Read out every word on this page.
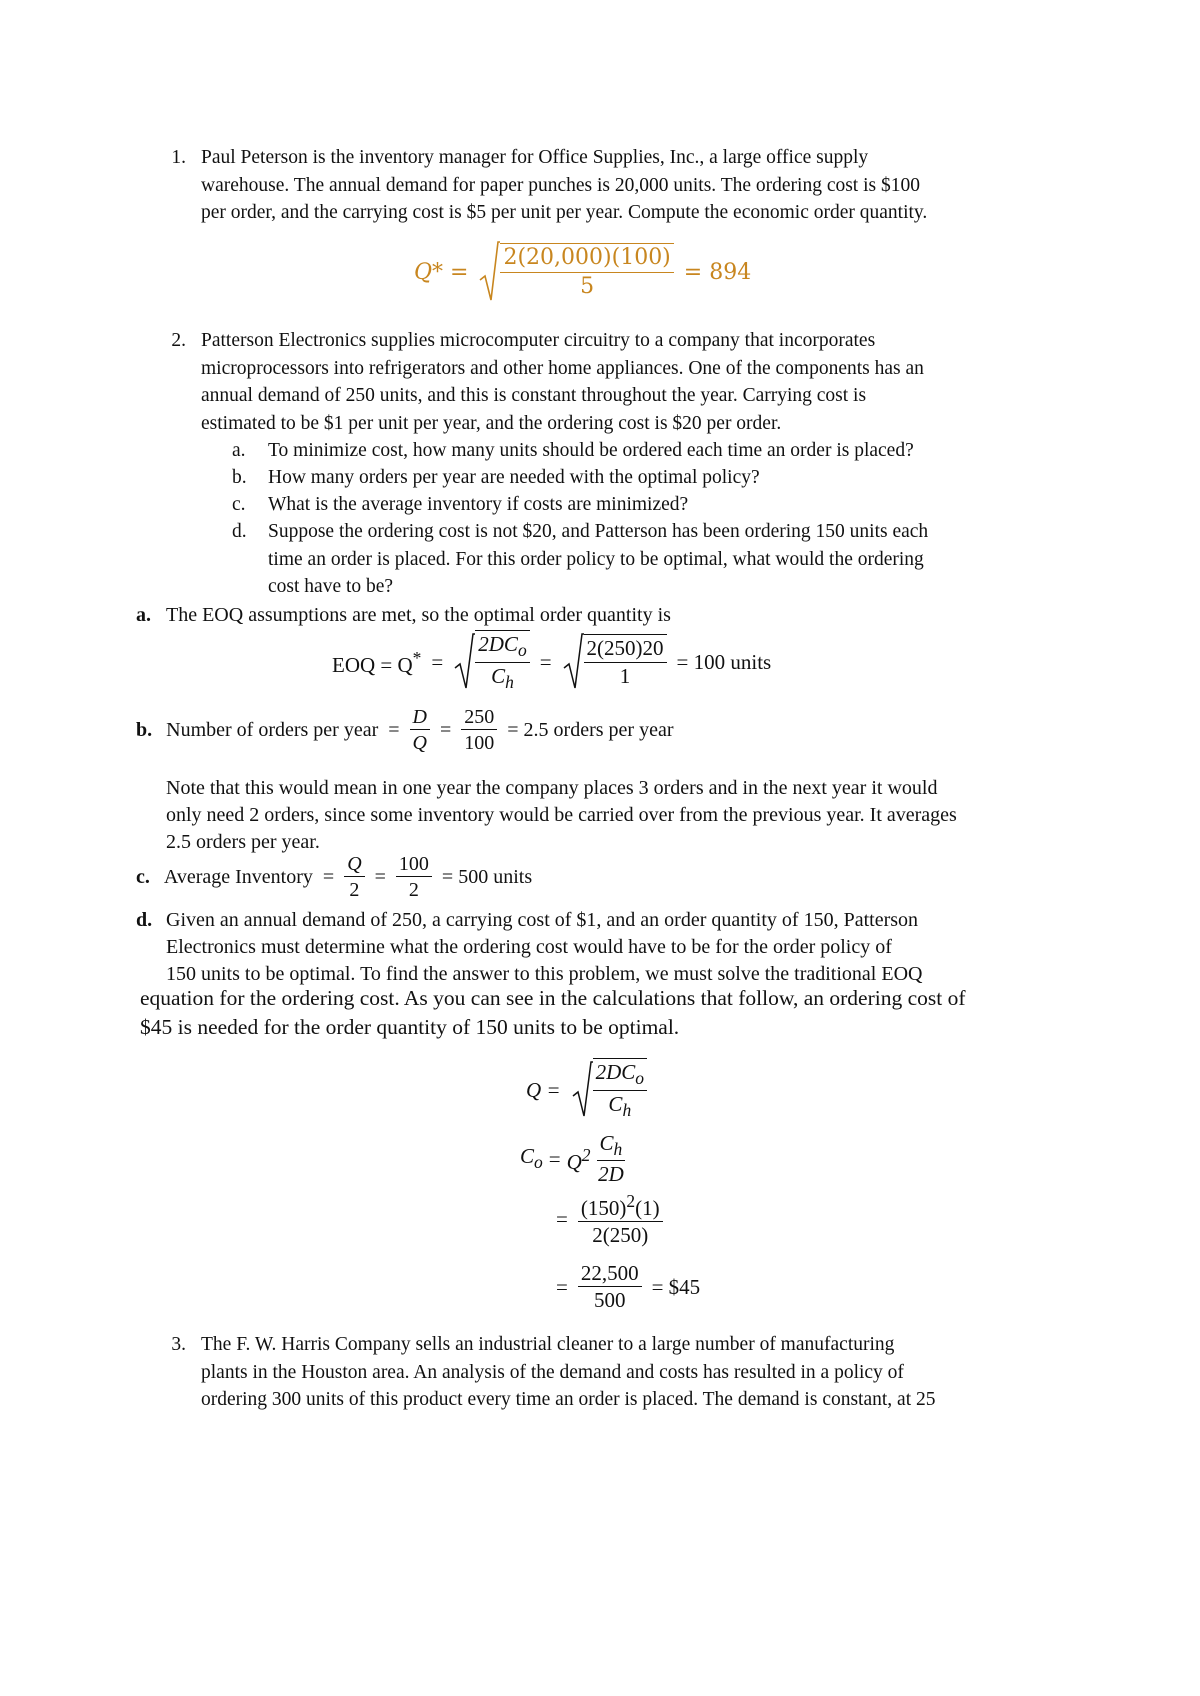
1. Paul Peterson is the inventory manager for Office Supplies, Inc., a large office supply
warehouse. The annual demand for paper punches is 20,000 units. The ordering cost is $100
per order, and the carrying cost is $5 per unit per year. Compute the economic order quantity.
$Q* = \frac{2(20,000)(100)}{5} = 894$
2. Patterson Electronics supplies microcomputer circuitry to a company that incorporates
microprocessors into refrigerators and other home appliances. One of the components has an
annual demand of 250 units, and this is constant throughout the year. Carrying cost is
estimated to be $1 per unit per year, and the ordering cost is $20 per order.
a. To minimize cost, how many units should be ordered each time an order is placed?
b. How many orders per year are needed with the optimal policy?
c. What is the average inventory if costs are minimized?
d. Suppose the ordering cost is not $20, and Patterson has been ordering 150 units each
time an order is placed. For this order policy to be optimal, what would the ordering
cost have to be?
a. The EOQ assumptions are met, so the optimal order quantity is
EOQ = Q* =
$2DC_o$
$C_h$
= $\frac{2(250)20}{1} = 100$ units
b. Number of orders per year = $\frac{D}{Q} = \frac{250}{100} = 2.5$ orders per year
Note that this would mean in one year the company places 3 orders and in the next year it would
only need 2 orders, since some inventory would be carried over from the previous year. It averages
2.5 orders per year.
c. Average Inventory = $\frac{Q}{2} = \frac{100}{2} = 500$ units
d. Given an annual demand of 250, a carrying cost of $1, and an order quantity of 150, Patterson
Electronics must determine what the ordering cost would have to be for the order policy of
150 units to be optimal. To find the answer to this problem, we must solve the traditional EOQ
equation for the ordering cost. As you can see in the calculations that follow, an ordering cost of
$45 is needed for the order quantity of 150 units to be optimal.
Q =
$2DC_o$
$C_h$
$C_o = Q^2 \frac{C_h}{2D}$
= $\frac{(150)^2(1)}{2(250)}$
= $\frac{22,500}{500}$ = $45
3. The F. W. Harris Company sells an industrial cleaner to a large number of manufacturing
plants in the Houston area. An analysis of the demand and costs has resulted in a policy of
ordering 300 units of this product every time an order is placed. The demand is constant, at 25
